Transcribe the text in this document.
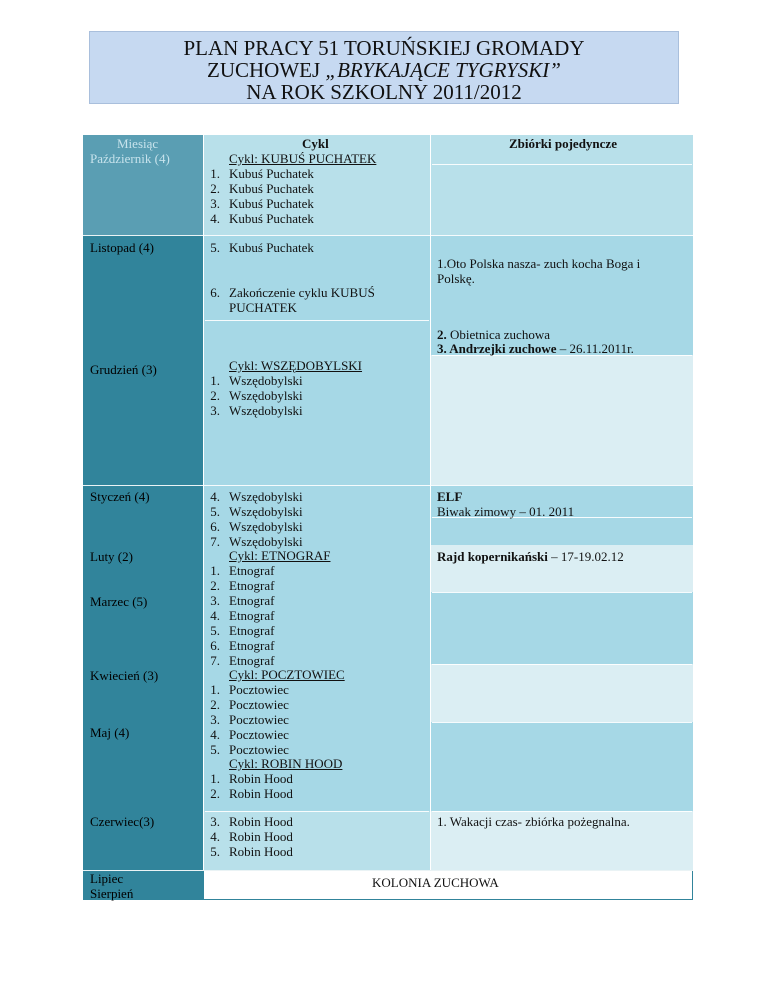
PLAN PRACY 51 TORUŃSKIEJ GROMADY
ZUCHOWEJ „BRYKAJĄCE TYGRYSKI”
NA ROK SZKOLNY 2011/2012
Miesiąc	Cykl	Zbiórki pojedyncze
Październik (4)
Listopad (4)
Grudzień (3)
Styczeń (4)
Luty (2)
Marzec (5)
Kwiecień (3)
Maj (4)
Czerwiec(3)
Lipiec
Sierpień
Cykl: KUBUŚ PUCHATEK
1. Kubuś Puchatek
2. Kubuś Puchatek
3. Kubuś Puchatek
4. Kubuś Puchatek
5. Kubuś Puchatek
6. Zakończenie cyklu KUBUŚ
PUCHATEK
Cykl: WSZĘDOBYLSKI
1. Wszędobylski
2. Wszędobylski
3. Wszędobylski
4. Wszędobylski
5. Wszędobylski
6. Wszędobylski
7. Wszędobylski
Cykl: ETNOGRAF
1. Etnograf
2. Etnograf
3. Etnograf
4. Etnograf
5. Etnograf
6. Etnograf
7. Etnograf
Cykl: POCZTOWIEC
1. Pocztowiec
2. Pocztowiec
3. Pocztowiec
4. Pocztowiec
5. Pocztowiec
Cykl: ROBIN HOOD
1. Robin Hood
2. Robin Hood
3. Robin Hood
4. Robin Hood
5. Robin Hood
1.Oto Polska nasza- zuch kocha Boga i
Polskę.
2. Obietnica zuchowa
3. Andrzejki zuchowe – 26.11.2011r.
ELF
Biwak zimowy – 01. 2011
Rajd kopernikański – 17-19.02.12
1. Wakacji czas- zbiórka pożegnalna.
KOLONIA ZUCHOWA
